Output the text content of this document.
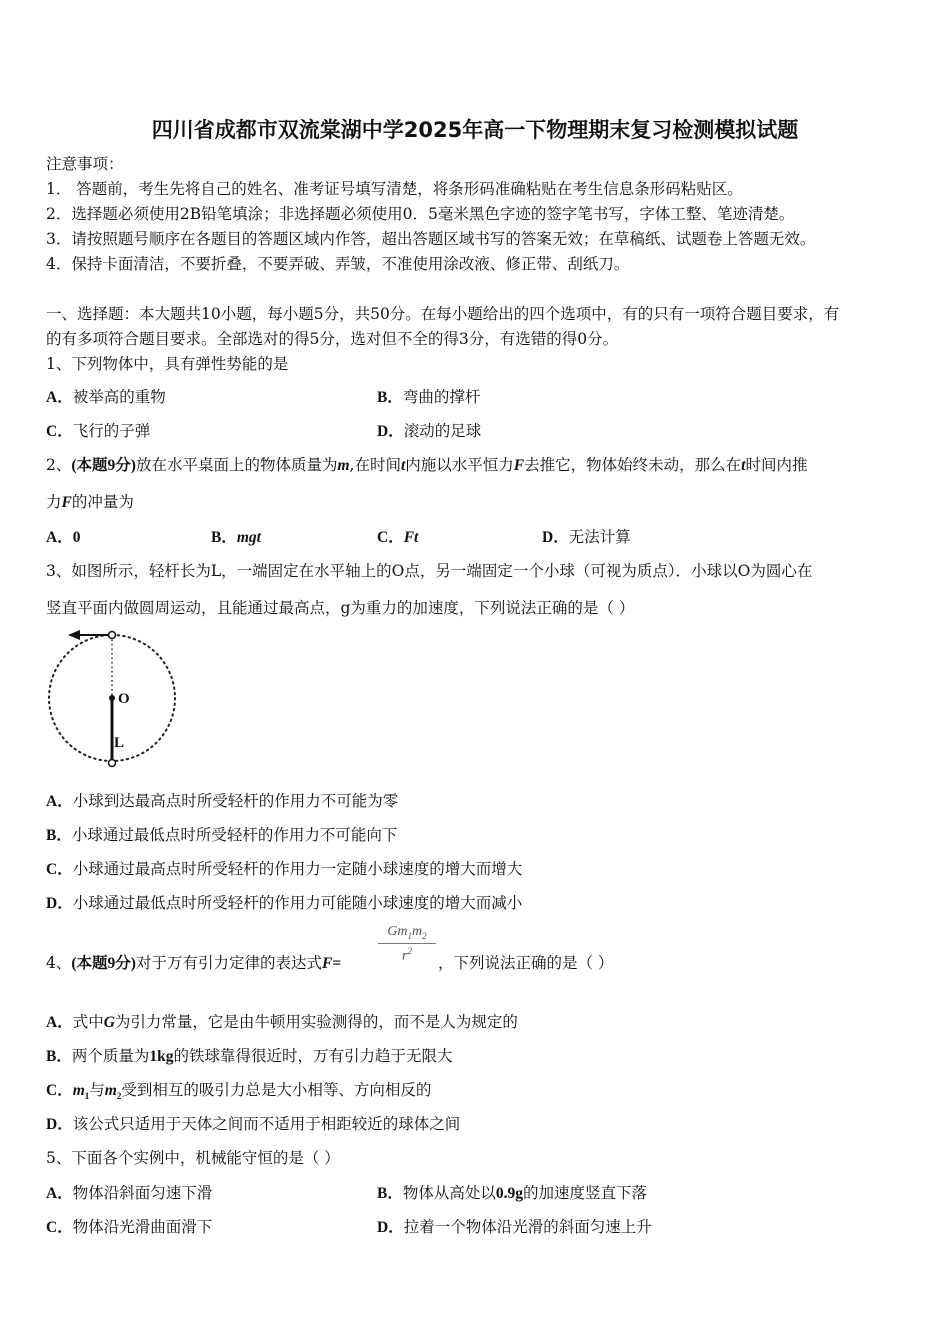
四川省成都市双流棠湖中学2025年高一下物理期末复习检测模拟试题
注意事项：
1． 答题前，考生先将自己的姓名、准考证号填写清楚，将条形码准确粘贴在考生信息条形码粘贴区。
2．选择题必须使用2B铅笔填涂；非选择题必须使用0．5毫米黑色字迹的签字笔书写，字体工整、笔迹清楚。
3．请按照题号顺序在各题目的答题区域内作答，超出答题区域书写的答案无效；在草稿纸、试题卷上答题无效。
4．保持卡面清洁，不要折叠，不要弄破、弄皱，不准使用涂改液、修正带、刮纸刀。
一、选择题：本大题共10小题，每小题5分，共50分。在每小题给出的四个选项中，有的只有一项符合题目要求，有
的有多项符合题目要求。全部选对的得5分，选对但不全的得3分，有选错的得0分。
1、下列物体中，具有弹性势能的是
A．被举高的重物	B．弯曲的撑杆
C．飞行的子弹	D．滚动的足球
2、(本题9分)放在水平桌面上的物体质量为m,在时间t内施以水平恒力F去推它，物体始终未动，那么在t时间内推
力F的冲量为
A．0	B．mgt	C．Ft	D．无法计算
3、如图所示，轻杆长为L，一端固定在水平轴上的O点，另一端固定一个小球（可视为质点）．小球以O为圆心在
竖直平面内做圆周运动，且能通过最高点，g为重力的加速度，下列说法正确的是（ ）
O
L
A．小球到达最高点时所受轻杆的作用力不可能为零
B．小球通过最低点时所受轻杆的作用力不可能向下
C．小球通过最高点时所受轻杆的作用力一定随小球速度的增大而增大
D．小球通过最低点时所受轻杆的作用力可能随小球速度的增大而减小
4、(本题9分)对于万有引力定律的表达式F=
$Gm_1m_2$
$r^2$
，下列说法正确的是（ ）
A．式中G为引力常量，它是由牛顿用实验测得的，而不是人为规定的
B．两个质量为1kg的铁球靠得很近时，万有引力趋于无限大
C．$m_1$与$m_2$受到相互的吸引力总是大小相等、方向相反的
D．该公式只适用于天体之间而不适用于相距较近的球体之间
5、下面各个实例中，机械能守恒的是（ ）
A．物体沿斜面匀速下滑	B．物体从高处以0.9g的加速度竖直下落
C．物体沿光滑曲面滑下	D．拉着一个物体沿光滑的斜面匀速上升
